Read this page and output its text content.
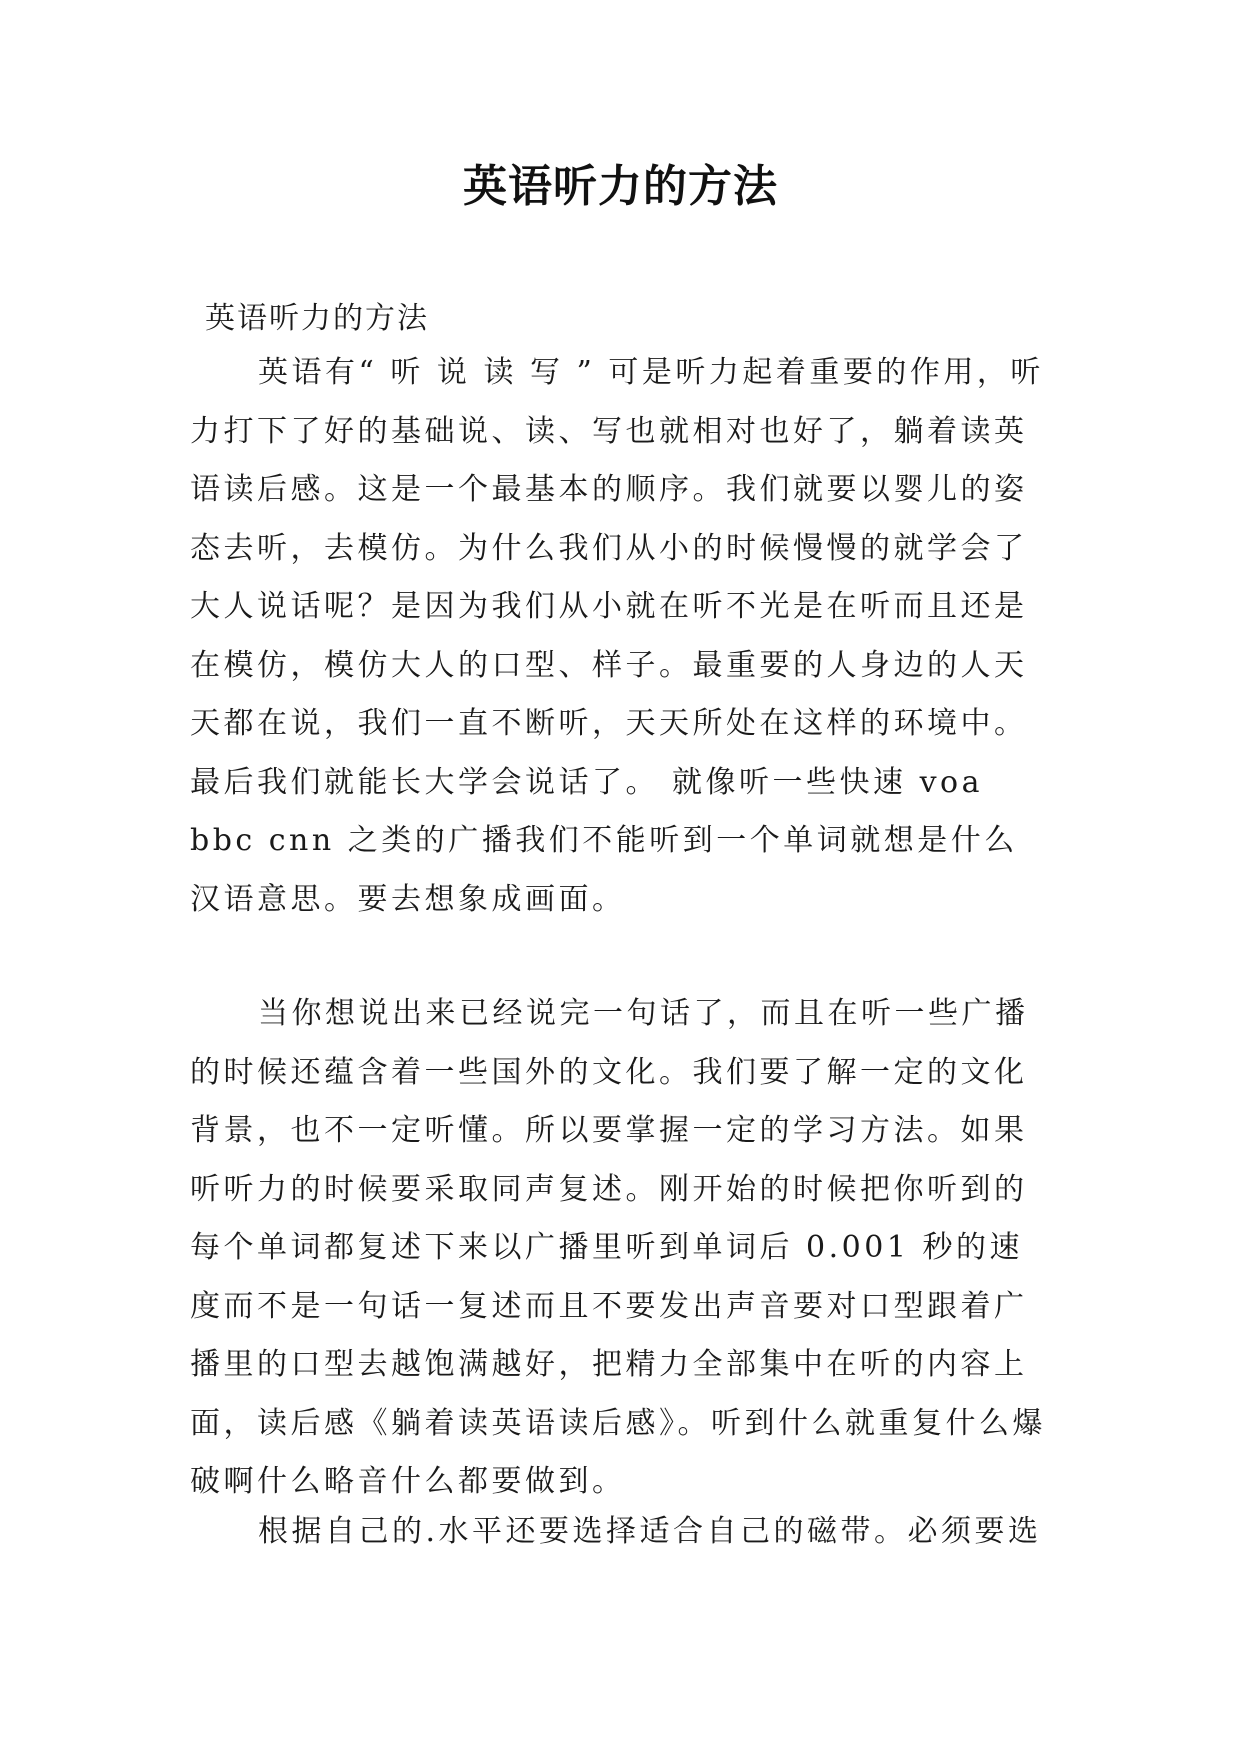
英语听力的方法
英语听力的方法

英语有“ 听 说 读 写 ” 可是听力起着重要的作用，听力打下了好的基础说、读、写也就相对也好了，躺着读英语读后感。这是一个最基本的顺序。我们就要以婴儿的姿态去听，去模仿。为什么我们从小的时候慢慢的就学会了大人说话呢？是因为我们从小就在听不光是在听而且还是在模仿，模仿大人的口型、样子。最重要的人身边的人天天都在说，我们一直不断听，天天所处在这样的环境中。最后我们就能长大学会说话了。 就像听一些快速 voa bbc cnn 之类的广播我们不能听到一个单词就想是什么汉语意思。要去想象成画面。

当你想说出来已经说完一句话了，而且在听一些广播的时候还蕴含着一些国外的文化。我们要了解一定的文化背景，也不一定听懂。所以要掌握一定的学习方法。如果听听力的时候要采取同声复述。刚开始的时候把你听到的每个单词都复述下来以广播里听到单词后 0.001 秒的速度而不是一句话一复述而且不要发出声音要对口型跟着广播里的口型去越饱满越好，把精力全部集中在听的内容上面，读后感《躺着读英语读后感》。听到什么就重复什么爆破啊什么略音什么都要做到。

根据自己的.水平还要选择适合自己的磁带。必须要选
